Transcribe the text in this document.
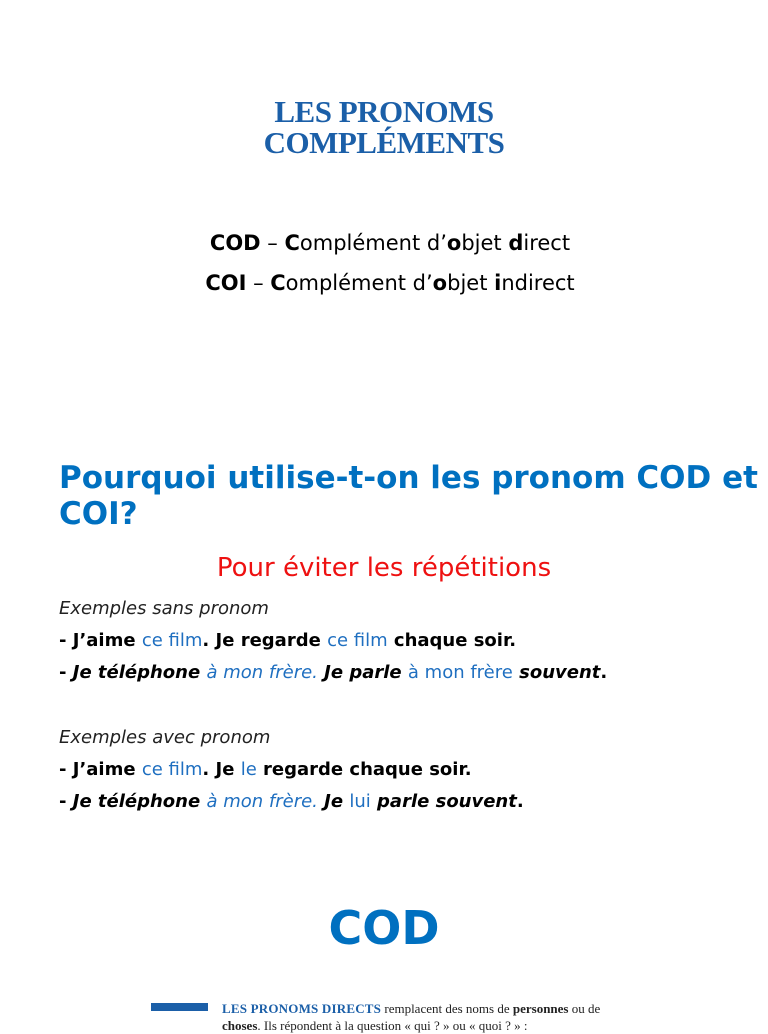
LES PRONOMS
COMPLÉMENTS
COD – Complément d’objet direct
COI – Complément d’objet indirect
Pourquoi utilise-t-on les pronom COD et COI?
Pour éviter les répétitions
Exemples sans pronom
- J’aime ce film. Je regarde ce film chaque soir.
- Je téléphone à mon frère. Je parle à mon frère souvent.
Exemples avec pronom
- J’aime ce film. Je le regarde chaque soir.
- Je téléphone à mon frère. Je lui parle souvent.
COD
LES PRONOMS DIRECTS remplacent des noms de personnes ou de
choses. Ils répondent à la question « qui ? » ou « quoi ? » :
